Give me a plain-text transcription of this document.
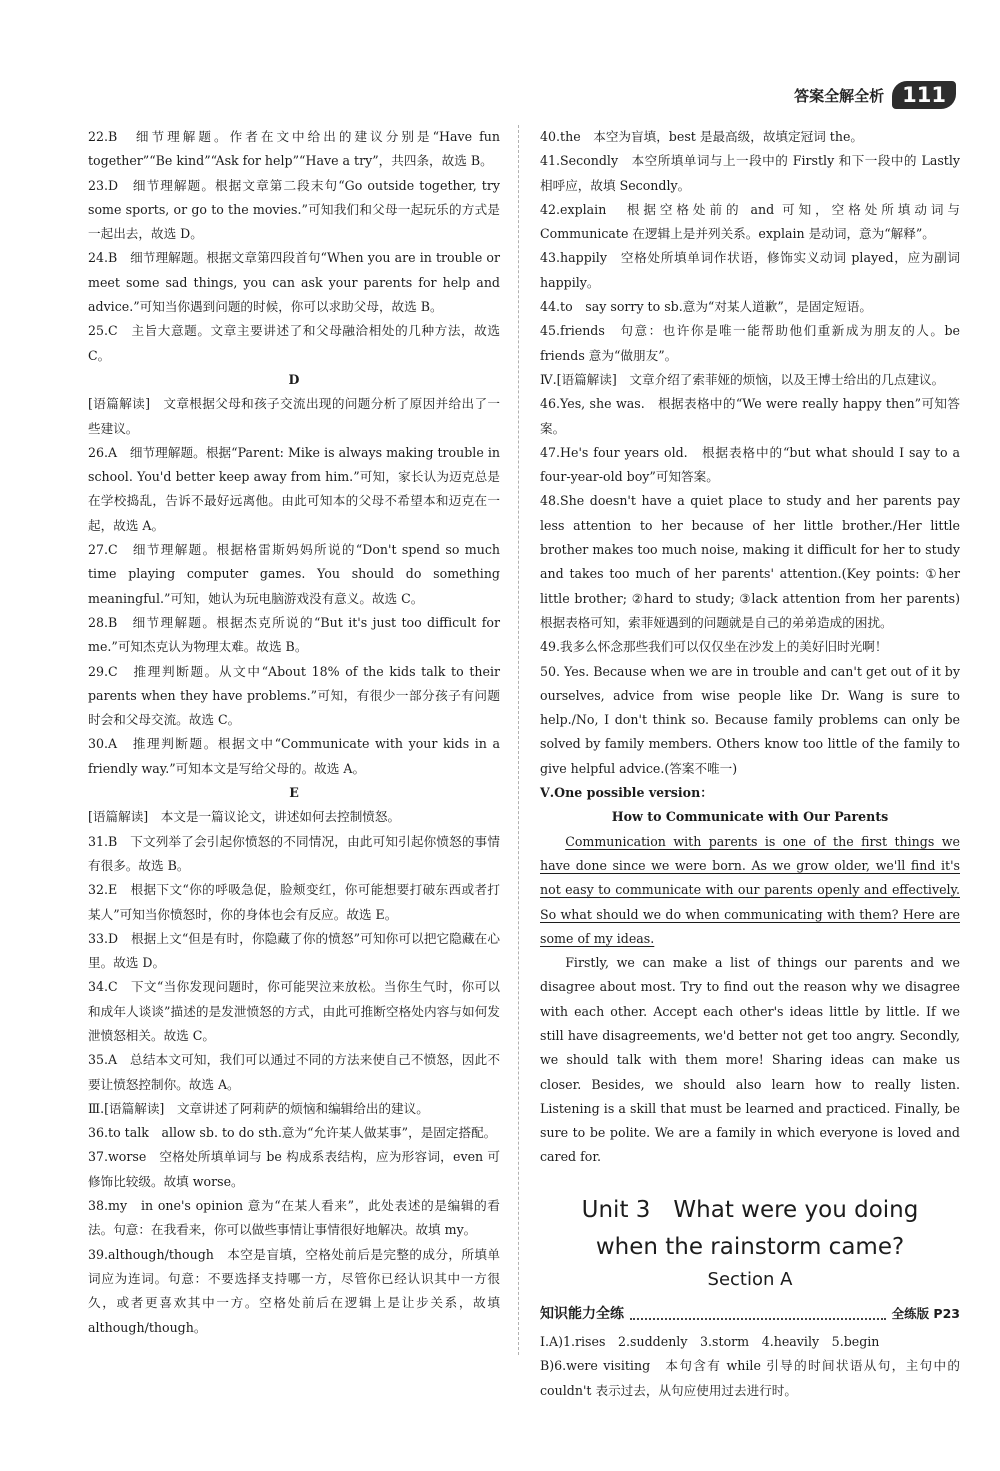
答案全解全析 111

22.B　细节理解题。作者在文中给出的建议分别是“Have fun together”“Be kind”“Ask for help”“Have a try”，共四条，故选 B。

23.D　细节理解题。根据文章第二段末句“Go outside together, try some sports, or go to the movies.”可知我们和父母一起玩乐的方式是一起出去，故选 D。

24.B　细节理解题。根据文章第四段首句“When you are in trouble or meet some sad things, you can ask your parents for help and advice.”可知当你遇到问题的时候，你可以求助父母，故选 B。

25.C　主旨大意题。文章主要讲述了和父母融洽相处的几种方法，故选 C。

D

[语篇解读]　文章根据父母和孩子交流出现的问题分析了原因并给出了一些建议。

26.A　细节理解题。根据“Parent: Mike is always making trouble in school. You'd better keep away from him.”可知，家长认为迈克总是在学校捣乱，告诉不最好远离他。由此可知本的父母不希望本和迈克在一起，故选 A。

27.C　细节理解题。根据格雷斯妈妈所说的“Don't spend so much time playing computer games. You should do something meaningful.”可知，她认为玩电脑游戏没有意义。故选 C。

28.B　细节理解题。根据杰克所说的“But it's just too difficult for me.”可知杰克认为物理太难。故选 B。

29.C　推理判断题。从文中“About 18% of the kids talk to their parents when they have problems.”可知，有很少一部分孩子有问题时会和父母交流。故选 C。

30.A　推理判断题。根据文中“Communicate with your kids in a friendly way.”可知本文是写给父母的。故选 A。

E

[语篇解读]　本文是一篇议论文，讲述如何去控制愤怒。

31.B　下文列举了会引起你愤怒的不同情况，由此可知引起你愤怒的事情有很多。故选 B。

32.E　根据下文“你的呼吸急促，脸颊变红，你可能想要打破东西或者打某人”可知当你愤怒时，你的身体也会有反应。故选 E。

33.D　根据上文“但是有时，你隐藏了你的愤怒”可知你可以把它隐藏在心里。故选 D。

34.C　下文“当你发现问题时，你可能哭泣来放松。当你生气时，你可以和成年人谈谈”描述的是发泄愤怒的方式，由此可推断空格处内容与如何发泄愤怒相关。故选 C。

35.A　总结本文可知，我们可以通过不同的方法来使自己不愤怒，因此不要让愤怒控制你。故选 A。

Ⅲ.[语篇解读]　文章讲述了阿莉萨的烦恼和编辑给出的建议。

36.to talk　allow sb. to do sth.意为“允许某人做某事”，是固定搭配。

37.worse　空格处所填单词与 be 构成系表结构，应为形容词，even 可修饰比较级。故填 worse。

38.my　in one's opinion 意为“在某人看来”，此处表述的是编辑的看法。句意：在我看来，你可以做些事情让事情很好地解决。故填 my。

39.although/though　本空是盲填，空格处前后是完整的成分，所填单词应为连词。句意：不要选择支持哪一方，尽管你已经认识其中一方很久，或者更喜欢其中一方。空格处前后在逻辑上是让步关系，故填 although/though。

40.the　本空为盲填，best 是最高级，故填定冠词 the。

41.Secondly　本空所填单词与上一段中的 Firstly 和下一段中的 Lastly 相呼应，故填 Secondly。

42.explain　根据空格处前的 and 可知，空格处所填动词与 Communicate 在逻辑上是并列关系。explain 是动词，意为“解释”。

43.happily　空格处所填单词作状语，修饰实义动词 played，应为副词 happily。

44.to　say sorry to sb.意为“对某人道歉”，是固定短语。

45.friends　句意：也许你是唯一能帮助他们重新成为朋友的人。be friends 意为“做朋友”。

Ⅳ.[语篇解读]　文章介绍了索菲娅的烦恼，以及王博士给出的几点建议。

46.Yes, she was.　根据表格中的“We were really happy then”可知答案。

47.He's four years old.　根据表格中的“but what should I say to a four-year-old boy”可知答案。

48.She doesn't have a quiet place to study and her parents pay less attention to her because of her little brother./Her little brother makes too much noise, making it difficult for her to study and takes too much of her parents' attention.(Key points: ①her little brother; ②hard to study; ③lack attention from her parents)　根据表格可知，索菲娅遇到的问题就是自己的弟弟造成的困扰。

49.我多么怀念那些我们可以仅仅坐在沙发上的美好旧时光啊！

50. Yes. Because when we are in trouble and can't get out of it by ourselves, advice from wise people like Dr. Wang is sure to help./No, I don't think so. Because family problems can only be solved by family members. Others know too little of the family to give helpful advice.(答案不唯一)

Ⅴ.One possible version：

How to Communicate with Our Parents

Communication with parents is one of the first things we have done since we were born. As we grow older, we'll find it's not easy to communicate with our parents openly and effectively. So what should we do when communicating with them? Here are some of my ideas.

Firstly, we can make a list of things our parents and we disagree about most. Try to find out the reason why we disagree with each other. Accept each other's ideas little by little. If we still have disagreements, we'd better not get too angry. Secondly, we should talk with them more! Sharing ideas can make us closer. Besides, we should also learn how to really listen. Listening is a skill that must be learned and practiced. Finally, be sure to be polite. We are a family in which everyone is loved and cared for.

Unit 3　What were you doing

when the rainstorm came?

Section A

知识能力全练	全练版 P23

Ⅰ.A)1.rises　2.suddenly　3.storm　4.heavily　5.begin

B)6.were visiting　本句含有 while 引导的时间状语从句，主句中的 couldn't 表示过去，从句应使用过去进行时。
